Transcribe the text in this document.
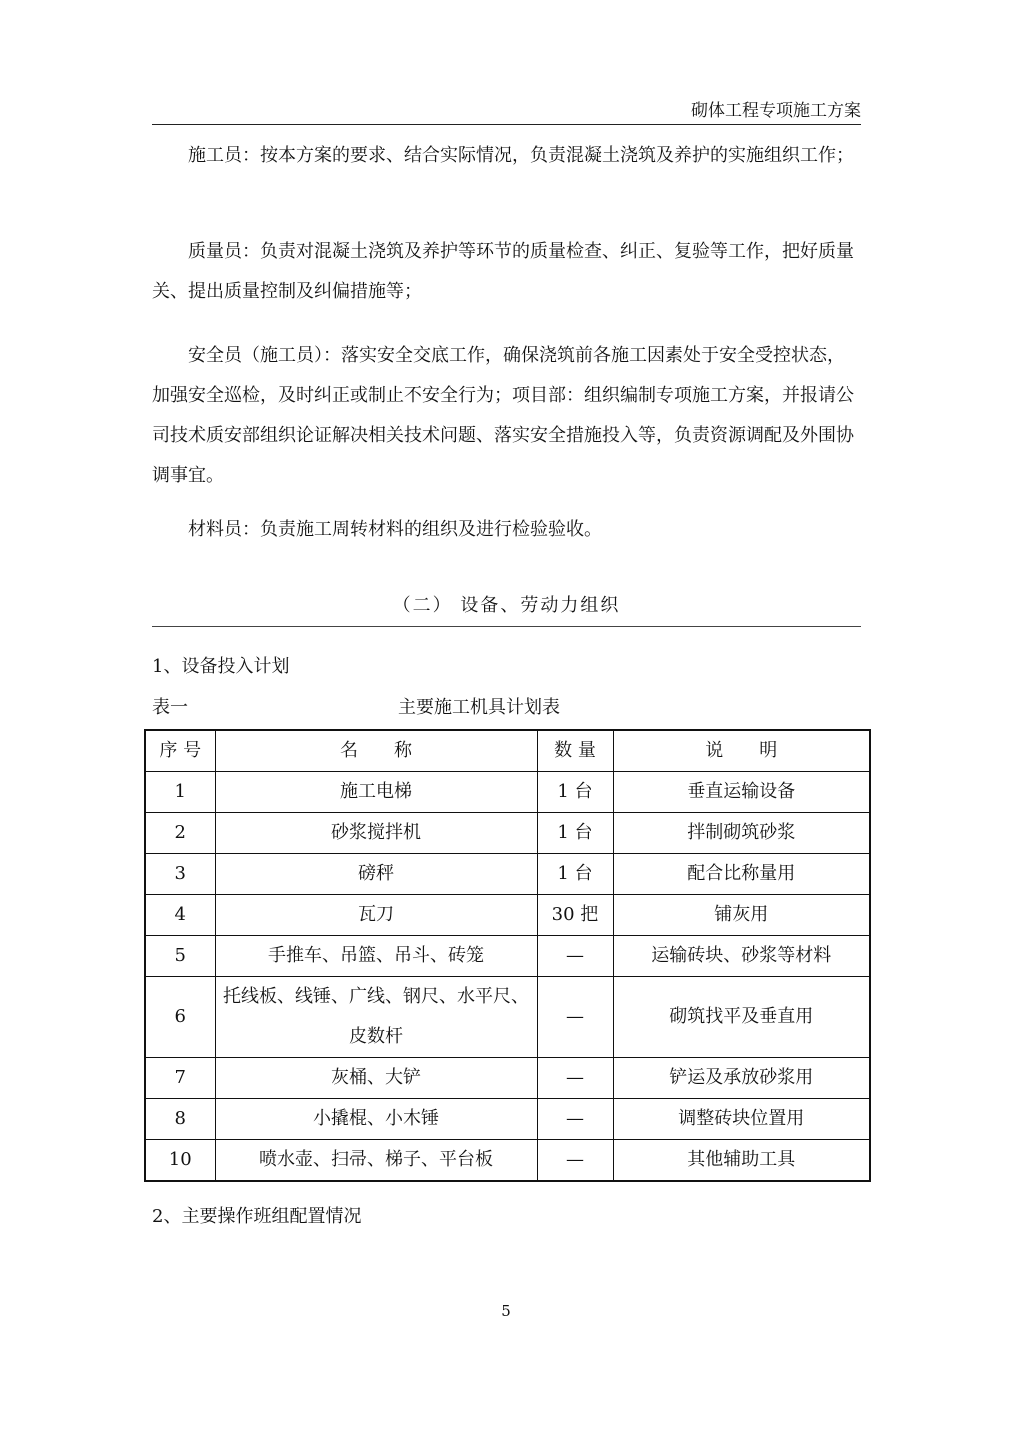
砌体工程专项施工方案
施工员：按本方案的要求、结合实际情况，负责混凝土浇筑及养护的实施组织工作；
质量员：负责对混凝土浇筑及养护等环节的质量检查、纠正、复验等工作，把好质量关、提出质量控制及纠偏措施等；
安全员（施工员）：落实安全交底工作，确保浇筑前各施工因素处于安全受控状态，加强安全巡检，及时纠正或制止不安全行为；项目部：组织编制专项施工方案，并报请公司技术质安部组织论证解决相关技术问题、落实安全措施投入等，负责资源调配及外围协调事宜。
材料员：负责施工周转材料的组织及进行检验验收。
（二） 设备、劳动力组织
1、设备投入计划
表一	主要施工机具计划表
序 号	名　　称	数 量	说　　明
1	施工电梯	1 台	垂直运输设备
2	砂浆搅拌机	1 台	拌制砌筑砂浆
3	磅秤	1 台	配合比称量用
4	瓦刀	30 把	铺灰用
5	手推车、吊篮、吊斗、砖笼	—	运输砖块、砂浆等材料
6	托线板、线锤、广线、钢尺、水平尺、皮数杆	—	砌筑找平及垂直用
7	灰桶、大铲	—	铲运及承放砂浆用
8	小撬棍、小木锤	—	调整砖块位置用
10	喷水壶、扫帚、梯子、平台板	—	其他辅助工具
2、主要操作班组配置情况
5
